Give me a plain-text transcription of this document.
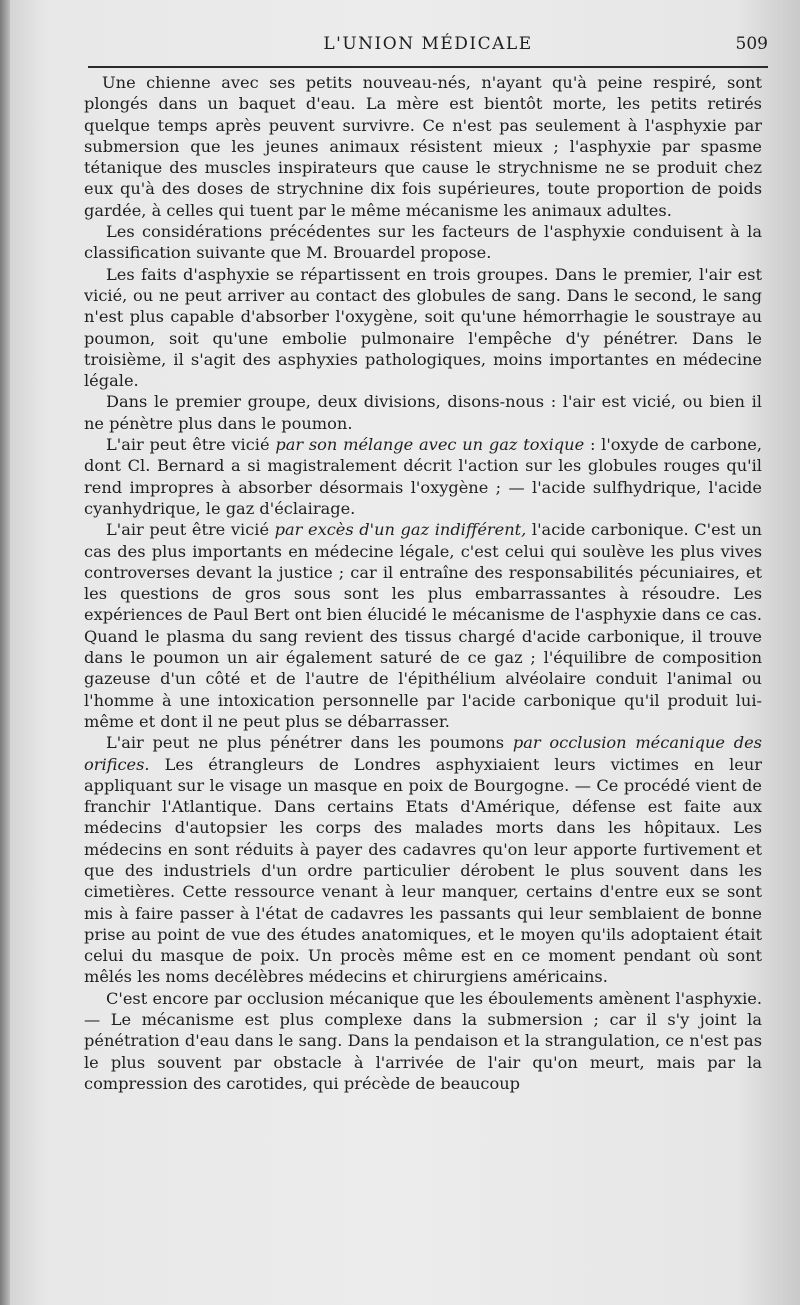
L'UNION MÉDICALE	509

Une chienne avec ses petits nouveau-nés, n'ayant qu'à peine respiré, sont plongés dans un baquet d'eau. La mère est bientôt morte, les petits retirés quelque temps après peuvent survivre. Ce n'est pas seulement à l'asphyxie par submersion que les jeunes animaux résistent mieux ; l'asphyxie par spasme tétanique des muscles inspirateurs que cause le strychnisme ne se produit chez eux qu'à des doses de strychnine dix fois supérieures, toute proportion de poids gardée, à celles qui tuent par le même mécanisme les animaux adultes.

Les considérations précédentes sur les facteurs de l'asphyxie conduisent à la classification suivante que M. Brouardel propose.

Les faits d'asphyxie se répartissent en trois groupes. Dans le premier, l'air est vicié, ou ne peut arriver au contact des globules de sang. Dans le second, le sang n'est plus capable d'absorber l'oxygène, soit qu'une hémorrhagie le soustraye au poumon, soit qu'une embolie pulmonaire l'empêche d'y pénétrer. Dans le troisième, il s'agit des asphyxies pathologiques, moins importantes en médecine légale.

Dans le premier groupe, deux divisions, disons-nous : l'air est vicié, ou bien il ne pénètre plus dans le poumon.

L'air peut être vicié par son mélange avec un gaz toxique : l'oxyde de carbone, dont Cl. Bernard a si magistralement décrit l'action sur les globules rouges qu'il rend impropres à absorber désormais l'oxygène ; — l'acide sulfhydrique, l'acide cyanhydrique, le gaz d'éclairage.

L'air peut être vicié par excès d'un gaz indifférent, l'acide carbonique. C'est un cas des plus importants en médecine légale, c'est celui qui soulève les plus vives controverses devant la justice ; car il entraîne des responsabilités pécuniaires, et les questions de gros sous sont les plus embarrassantes à résoudre. Les expériences de Paul Bert ont bien élucidé le mécanisme de l'asphyxie dans ce cas. Quand le plasma du sang revient des tissus chargé d'acide carbonique, il trouve dans le poumon un air également saturé de ce gaz ; l'équilibre de composition gazeuse d'un côté et de l'autre de l'épithélium alvéolaire conduit l'animal ou l'homme à une intoxication personnelle par l'acide carbonique qu'il produit lui-même et dont il ne peut plus se débarrasser.

L'air peut ne plus pénétrer dans les poumons par occlusion mécanique des orifices. Les étrangleurs de Londres asphyxiaient leurs victimes en leur appliquant sur le visage un masque en poix de Bourgogne. — Ce procédé vient de franchir l'Atlantique. Dans certains Etats d'Amérique, défense est faite aux médecins d'autopsier les corps des malades morts dans les hôpitaux. Les médecins en sont réduits à payer des cadavres qu'on leur apporte furtivement et que des industriels d'un ordre particulier dérobent le plus souvent dans les cimetières. Cette ressource venant à leur manquer, certains d'entre eux se sont mis à faire passer à l'état de cadavres les passants qui leur semblaient de bonne prise au point de vue des études anatomiques, et le moyen qu'ils adoptaient était celui du masque de poix. Un procès même est en ce moment pendant où sont mêlés les noms decélèbres médecins et chirurgiens américains.

C'est encore par occlusion mécanique que les éboulements amènent l'asphyxie. — Le mécanisme est plus complexe dans la submersion ; car il s'y joint la pénétration d'eau dans le sang. Dans la pendaison et la strangulation, ce n'est pas le plus souvent par obstacle à l'arrivée de l'air qu'on meurt, mais par la compression des carotides, qui précède de beaucoup
